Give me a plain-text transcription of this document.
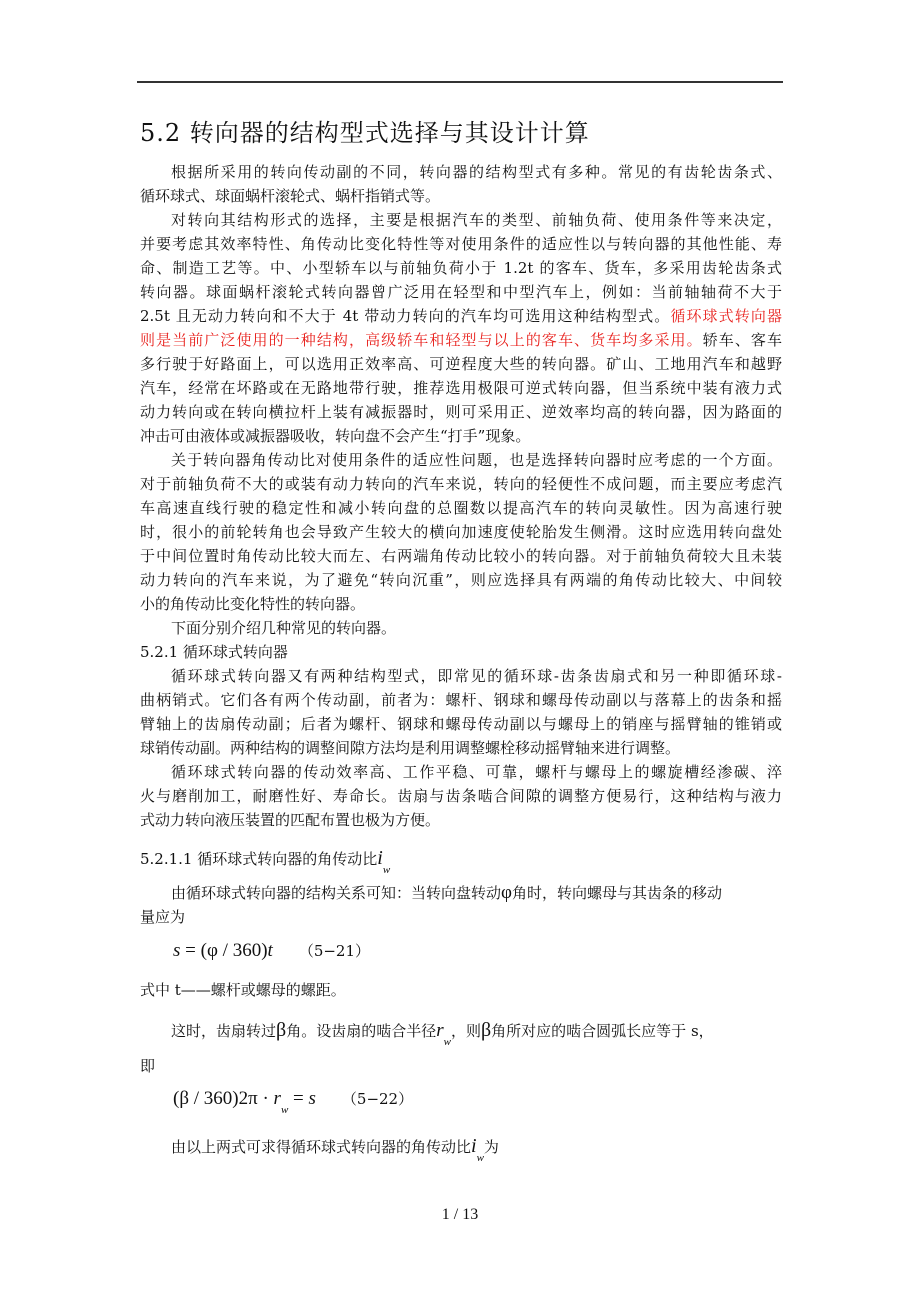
.	.
5.2 转向器的结构型式选择与其设计计算
根据所采用的转向传动副的不同，转向器的结构型式有多种。常见的有齿轮齿条式、
循环球式、球面蜗杆滚轮式、蜗杆指销式等。
对转向其结构形式的选择，主要是根据汽车的类型、前轴负荷、使用条件等来决定，
并要考虑其效率特性、角传动比变化特性等对使用条件的适应性以与转向器的其他性能、寿
命、制造工艺等。中、小型轿车以与前轴负荷小于 1.2t 的客车、货车，多采用齿轮齿条式
转向器。球面蜗杆滚轮式转向器曾广泛用在轻型和中型汽车上，例如：当前轴轴荷不大于
2.5t 且无动力转向和不大于 4t 带动力转向的汽车均可选用这种结构型式。循环球式转向器
则是当前广泛使用的一种结构，高级轿车和轻型与以上的客车、货车均多采用。轿车、客车
多行驶于好路面上，可以选用正效率高、可逆程度大些的转向器。矿山、工地用汽车和越野
汽车，经常在坏路或在无路地带行驶，推荐选用极限可逆式转向器，但当系统中装有液力式
动力转向或在转向横拉杆上装有减振器时，则可采用正、逆效率均高的转向器，因为路面的
冲击可由液体或减振器吸收，转向盘不会产生“打手”现象。
关于转向器角传动比对使用条件的适应性问题，也是选择转向器时应考虑的一个方面。
对于前轴负荷不大的或装有动力转向的汽车来说，转向的轻便性不成问题，而主要应考虑汽
车高速直线行驶的稳定性和减小转向盘的总圈数以提高汽车的转向灵敏性。因为高速行驶
时，很小的前轮转角也会导致产生较大的横向加速度使轮胎发生侧滑。这时应选用转向盘处
于中间位置时角传动比较大而左、右两端角传动比较小的转向器。对于前轴负荷较大且未装
动力转向的汽车来说，为了避免“转向沉重”，则应选择具有两端的角传动比较大、中间较
小的角传动比变化特性的转向器。
下面分别介绍几种常见的转向器。
5.2.1 循环球式转向器
循环球式转向器又有两种结构型式，即常见的循环球-齿条齿扇式和另一种即循环球-
曲柄销式。它们各有两个传动副，前者为：螺杆、钢球和螺母传动副以与落幕上的齿条和摇
臂轴上的齿扇传动副；后者为螺杆、钢球和螺母传动副以与螺母上的销座与摇臂轴的锥销或
球销传动副。两种结构的调整间隙方法均是利用调整螺栓移动摇臂轴来进行调整。
循环球式转向器的传动效率高、工作平稳、可靠，螺杆与螺母上的螺旋槽经渗碳、淬
火与磨削加工，耐磨性好、寿命长。齿扇与齿条啮合间隙的调整方便易行，这种结构与液力
式动力转向液压装置的匹配布置也极为方便。
5.2.1.1 循环球式转向器的角传动比$i_w$
由循环球式转向器的结构关系可知：当转向盘转动φ角时，转向螺母与其齿条的移动
量应为
s = (φ / 360)t （5−21）
式中 t——螺杆或螺母的螺距。
这时，齿扇转过β角。设齿扇的啮合半径$r_w$，则β角所对应的啮合圆弧长应等于 s，
即
$(\beta / 360)2\pi \cdot r_w = s$ （5−22）
由以上两式可求得循环球式转向器的角传动比$i_w$为
1 / 13
